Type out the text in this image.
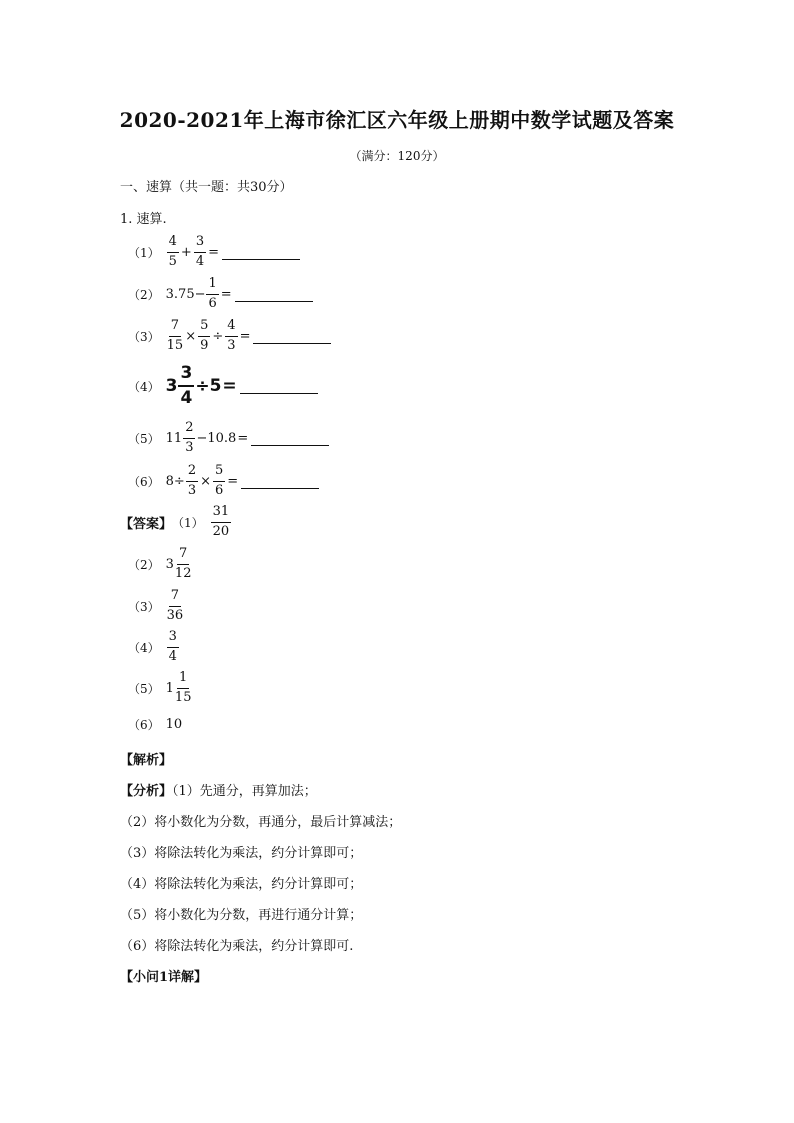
2020-2021年上海市徐汇区六年级上册期中数学试题及答案
（满分：120分）
一、速算（共一题：共30分）
1. 速算.
$(1) \frac{4}{5} + \frac{3}{4}$ =
（2） $3.75- \frac{1}{6}$ =
$(3) \frac{7}{15} \times \frac{5}{9} \div \frac{4}{3}$ =
（4） $3 \frac{3}{4} \div 5$ =
（5） $11 \frac{2}{3} -10.8$ =
（6） $8\div \frac{2}{3} \times \frac{5}{6}$ =
【答案】 $(1) \frac{31}{20}$
（2） $3 \frac{7}{12}$
$(3) \frac{7}{36}$
$(4) \frac{3}{4}$
（5） $1 \frac{1}{15}$
（6） 10
【解析】
【分析】（1）先通分，再算加法；
（2）将小数化为分数，再通分，最后计算减法；
（3）将除法转化为乘法，约分计算即可；
（4）将除法转化为乘法，约分计算即可；
（5）将小数化为分数，再进行通分计算；
（6）将除法转化为乘法，约分计算即可.
【小问1详解】
